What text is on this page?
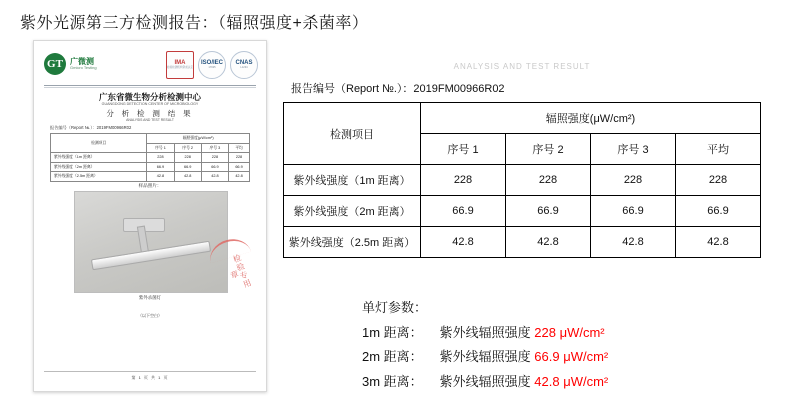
紫外光源第三方检测报告：（辐照强度+杀菌率）
GT 广微测
Gmicro Testing
IMA
检验检测机构资质认定
ISO/IEC
17025
CNAS
L1234
广东省微生物分析检测中心
GUANGDONG DETECTION CENTER OF MICROBIOLOGY
分 析 检 测 结 果
ANALYSIS AND TEST RESULT
报告编号（Report №.）：2019FM00966R02
检测项目	辐照强度(μW/cm²)			
	序号 1	序号 2	序号 3	平均
紫外线强度（1m 距离）	228	228	228	228
紫外线强度（2m 距离）	66.9	66.9	66.9	66.9
紫外线强度（2.5m 距离）	42.8	42.8	42.8	42.8
样品照片：
紫外杀菌灯
（以下空白）
检验专用章
第 1 页 共 1 页
ANALYSIS AND TEST RESULT
报告编号（Report №.）：2019FM00966R02
检测项目	辐照强度(μW/cm²)			
	序号 1	序号 2	序号 3	平均
紫外线强度（1m 距离）	228	228	228	228
紫外线强度（2m 距离）	66.9	66.9	66.9	66.9
紫外线强度（2.5m 距离）	42.8	42.8	42.8	42.8
单灯参数：
1m 距离： 紫外线辐照强度 228 μW/cm²
2m 距离： 紫外线辐照强度 66.9 μW/cm²
3m 距离： 紫外线辐照强度 42.8 μW/cm²
